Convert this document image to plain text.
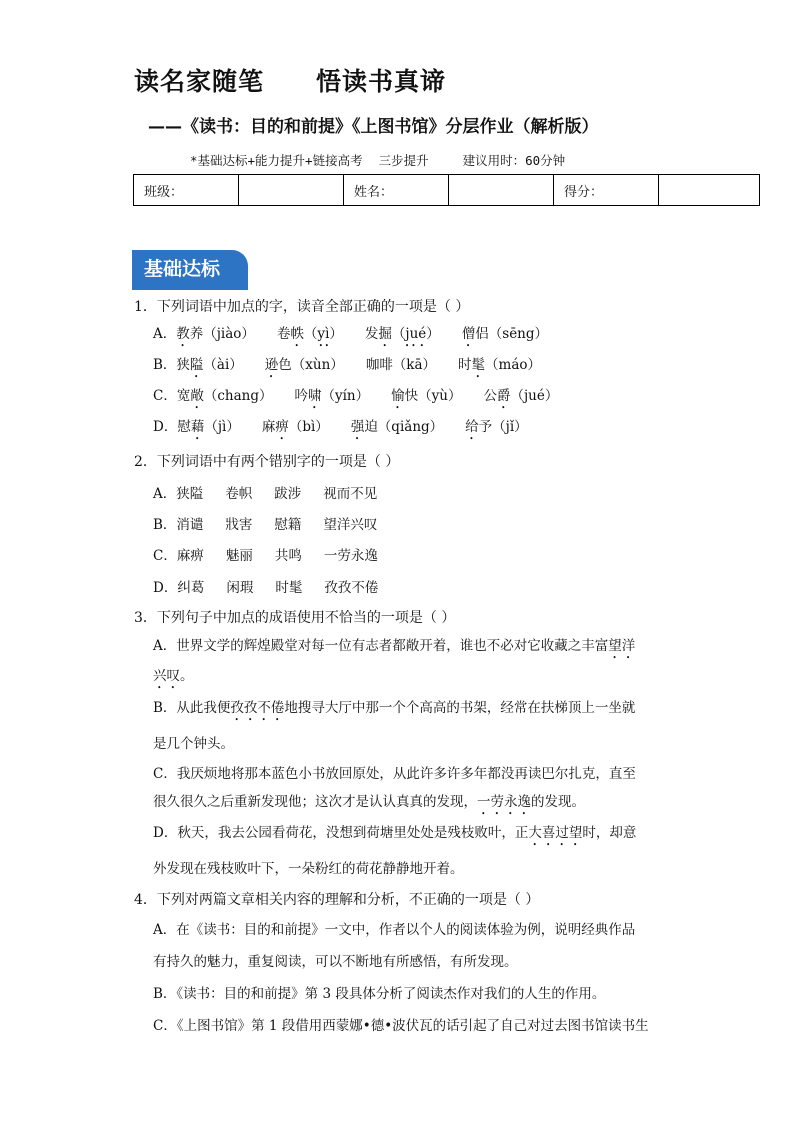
读名家随笔　　悟读书真谛
——《读书：目的和前提》《上图书馆》分层作业（解析版）
*基础达标+能力提升+链接高考 三步提升	建议用时：60分钟
班级：		姓名：		得分：	
基础达标
1．下列词语中加点的字，读音全部正确的一项是（ ）
A．教养（jiào） 卷帙（yì） 发掘（jué） 僧侣（sēng）
B．狭隘（ài） 逊色（xùn） 咖啡（kā） 时髦（máo）
C．宽敞（chang） 吟啸（yín） 愉快（yù） 公爵（jué）
D．慰藉（jì） 麻痹（bì） 强迫（qiǎng） 给予（jǐ）
2．下列词语中有两个错别字的一项是（ ）
A．狭隘 卷帜 跋涉 视而不见
B．消谴 戕害 慰籍 望洋兴叹
C．麻痹 魅丽 共鸣 一劳永逸
D．纠葛 闲瑕 时髦 孜孜不倦
3．下列句子中加点的成语使用不恰当的一项是（ ）
A．世界文学的辉煌殿堂对每一位有志者都敞开着，谁也不必对它收藏之丰富望洋
兴叹。
B．从此我便孜孜不倦地搜寻大厅中那一个个高高的书架，经常在扶梯顶上一坐就
是几个钟头。
C．我厌烦地将那本蓝色小书放回原处，从此许多许多年都没再读巴尔扎克，直至
很久很久之后重新发现他；这次才是认认真真的发现，一劳永逸的发现。
D．秋天，我去公园看荷花，没想到荷塘里处处是残枝败叶，正大喜过望时，却意
外发现在残枝败叶下，一朵粉红的荷花静静地开着。
4．下列对两篇文章相关内容的理解和分析，不正确的一项是（ ）
A．在《读书：目的和前提》一文中，作者以个人的阅读体验为例，说明经典作品
有持久的魅力，重复阅读，可以不断地有所感悟，有所发现。
B．《读书：目的和前提》第 3 段具体分析了阅读杰作对我们的人生的作用。
C．《上图书馆》第 1 段借用西蒙娜•德•波伏瓦的话引起了自己对过去图书馆读书生
